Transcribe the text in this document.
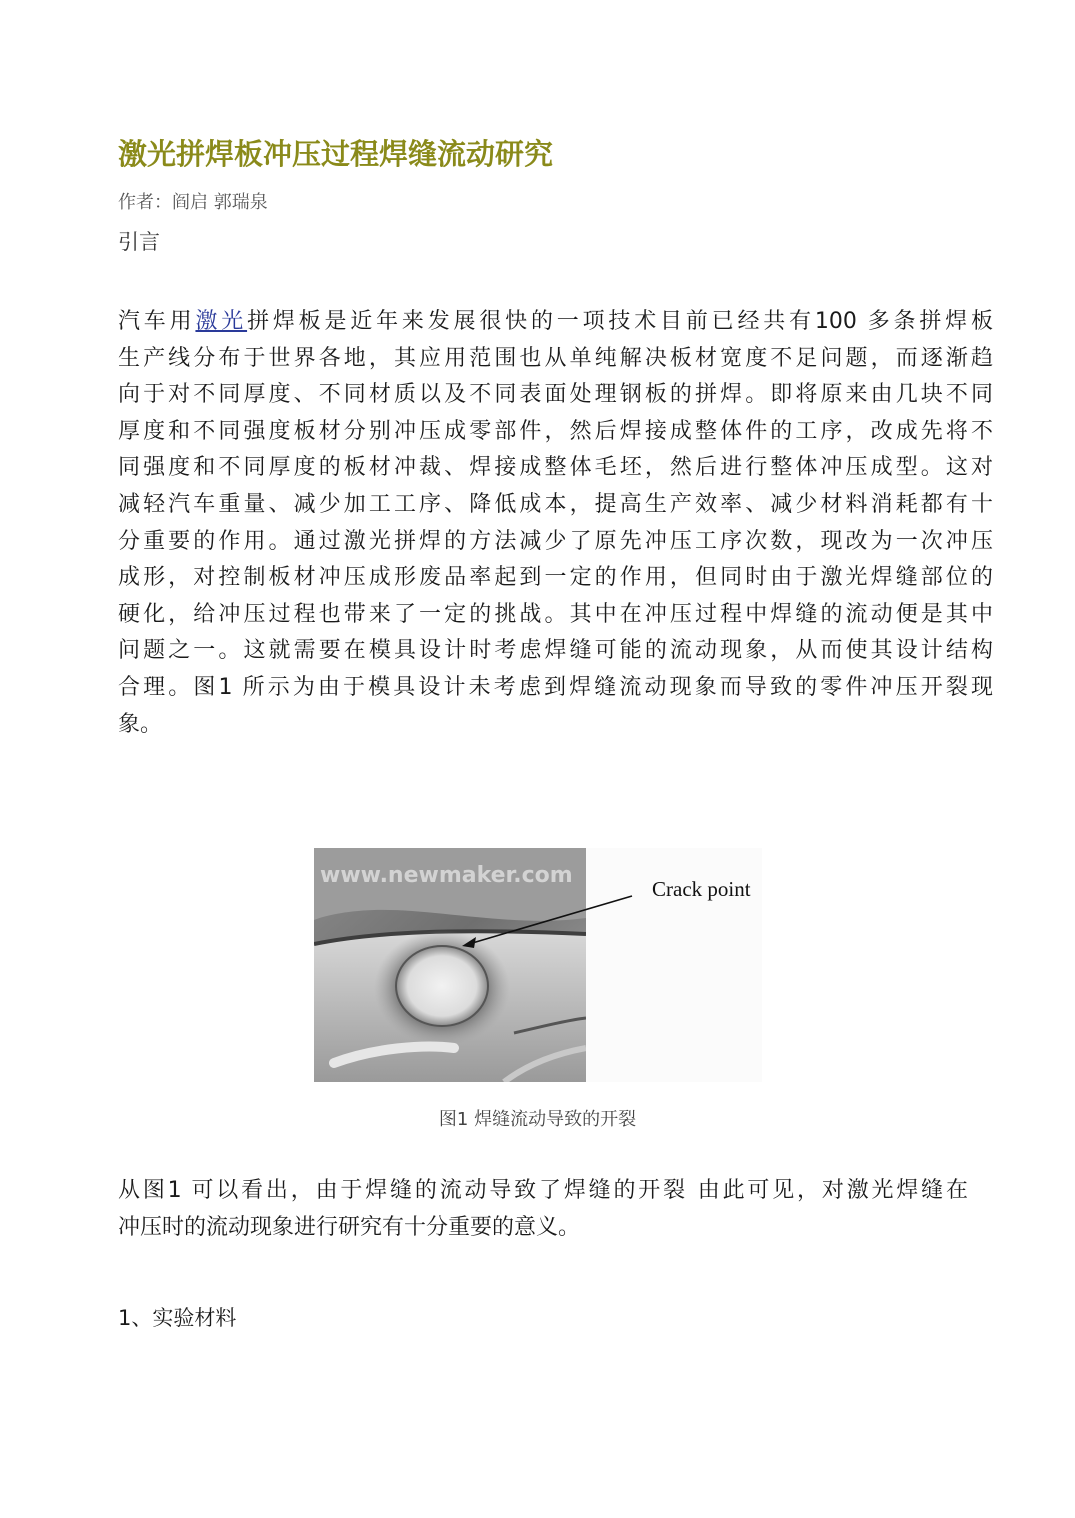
激光拼焊板冲压过程焊缝流动研究
作者：阎启 郭瑞泉
引言
汽车用激光拼焊板是近年来发展很快的一项技术目前已经共有100 多条拼焊板
生产线分布于世界各地，其应用范围也从单纯解决板材宽度不足问题，而逐渐趋
向于对不同厚度、不同材质以及不同表面处理钢板的拼焊。即将原来由几块不同
厚度和不同强度板材分别冲压成零部件，然后焊接成整体件的工序，改成先将不
同强度和不同厚度的板材冲裁、焊接成整体毛坯，然后进行整体冲压成型。这对
减轻汽车重量、减少加工工序、降低成本，提高生产效率、减少材料消耗都有十
分重要的作用。通过激光拼焊的方法减少了原先冲压工序次数，现改为一次冲压
成形，对控制板材冲压成形废品率起到一定的作用，但同时由于激光焊缝部位的
硬化，给冲压过程也带来了一定的挑战。其中在冲压过程中焊缝的流动便是其中
问题之一。这就需要在模具设计时考虑焊缝可能的流动现象，从而使其设计结构
合理。图1 所示为由于模具设计未考虑到焊缝流动现象而导致的零件冲压开裂现
象。
www.newmaker.com
Crack point
图1 焊缝流动导致的开裂
从图1 可以看出，由于焊缝的流动导致了焊缝的开裂 由此可见，对激光焊缝在
冲压时的流动现象进行研究有十分重要的意义。
1、实验材料
